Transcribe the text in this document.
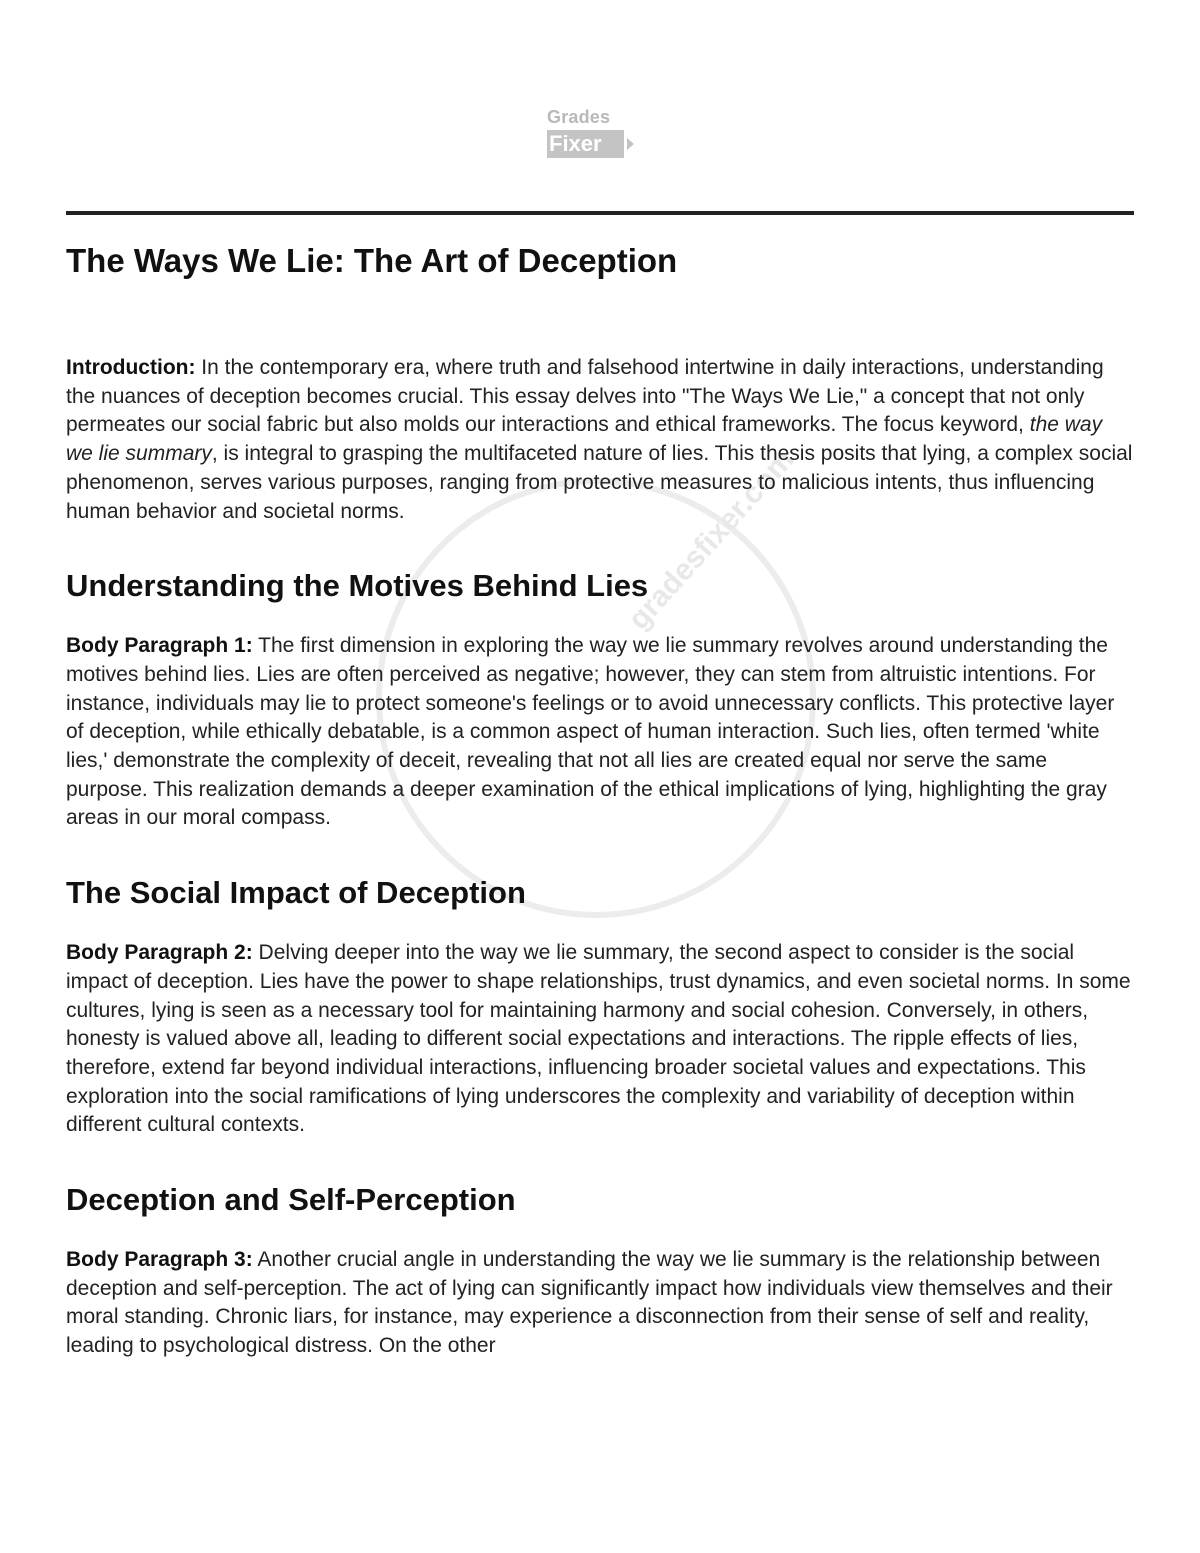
Grades
Fixer
gradesfixer.com
The Ways We Lie: The Art of Deception

Introduction: In the contemporary era, where truth and falsehood intertwine in daily interactions, understanding the nuances of deception becomes crucial. This essay delves into "The Ways We Lie," a concept that not only permeates our social fabric but also molds our interactions and ethical frameworks. The focus keyword, the way we lie summary, is integral to grasping the multifaceted nature of lies. This thesis posits that lying, a complex social phenomenon, serves various purposes, ranging from protective measures to malicious intents, thus influencing human behavior and societal norms.

Understanding the Motives Behind Lies

Body Paragraph 1: The first dimension in exploring the way we lie summary revolves around understanding the motives behind lies. Lies are often perceived as negative; however, they can stem from altruistic intentions. For instance, individuals may lie to protect someone's feelings or to avoid unnecessary conflicts. This protective layer of deception, while ethically debatable, is a common aspect of human interaction. Such lies, often termed 'white lies,' demonstrate the complexity of deceit, revealing that not all lies are created equal nor serve the same purpose. This realization demands a deeper examination of the ethical implications of lying, highlighting the gray areas in our moral compass.

The Social Impact of Deception

Body Paragraph 2: Delving deeper into the way we lie summary, the second aspect to consider is the social impact of deception. Lies have the power to shape relationships, trust dynamics, and even societal norms. In some cultures, lying is seen as a necessary tool for maintaining harmony and social cohesion. Conversely, in others, honesty is valued above all, leading to different social expectations and interactions. The ripple effects of lies, therefore, extend far beyond individual interactions, influencing broader societal values and expectations. This exploration into the social ramifications of lying underscores the complexity and variability of deception within different cultural contexts.

Deception and Self-Perception

Body Paragraph 3: Another crucial angle in understanding the way we lie summary is the relationship between deception and self-perception. The act of lying can significantly impact how individuals view themselves and their moral standing. Chronic liars, for instance, may experience a disconnection from their sense of self and reality, leading to psychological distress. On the other
